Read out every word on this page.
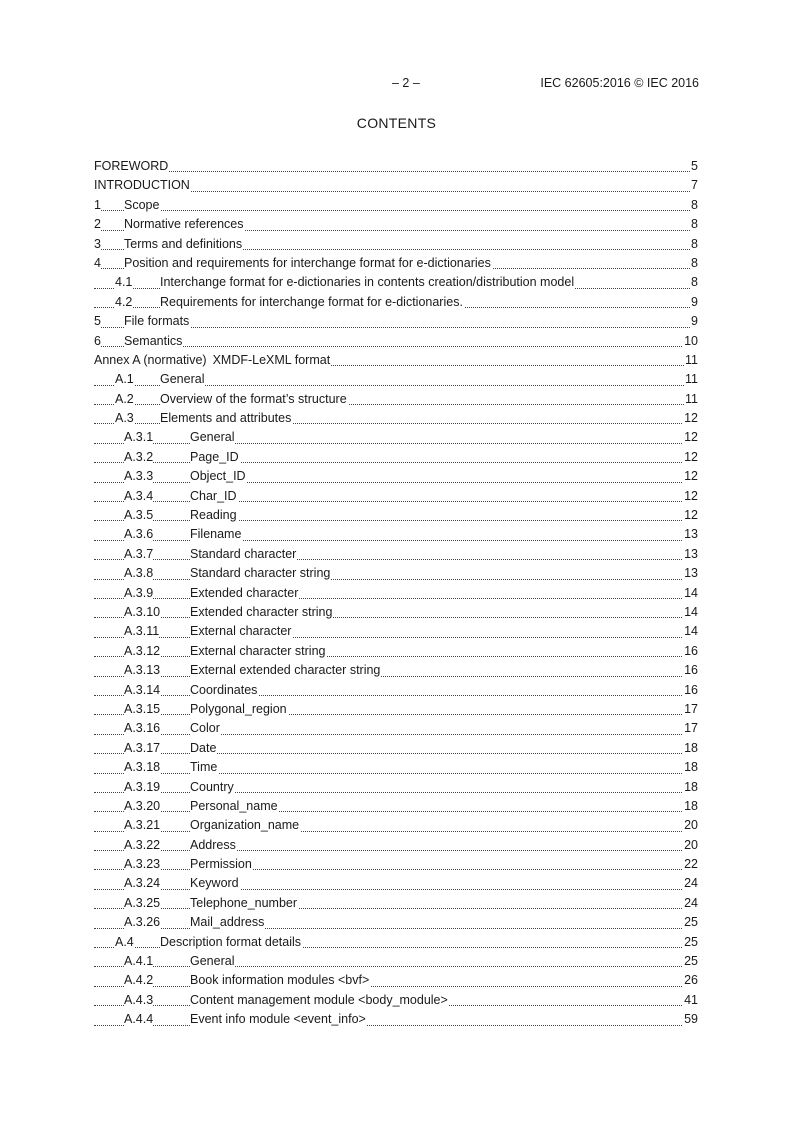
– 2 –	IEC 62605:2016 © IEC 2016
CONTENTS
FOREWORD	5
INTRODUCTION	7
1 Scope	8
2 Normative references	8
3 Terms and definitions	8
4 Position and requirements for interchange format for e-dictionaries	8
4.1 Interchange format for e-dictionaries in contents creation/distribution model	8
4.2 Requirements for interchange format for e-dictionaries.	9
5 File formats	9
6 Semantics	10
Annex A (normative) XMDF-LeXML format	11
A.1 General	11
A.2 Overview of the format’s structure	11
A.3 Elements and attributes	12
A.3.1	General	12
A.3.2	Page_ID	12
A.3.3	Object_ID	12
A.3.4	Char_ID	12
A.3.5	Reading	12
A.3.6	Filename	13
A.3.7	Standard character	13
A.3.8	Standard character string	13
A.3.9	Extended character	14
A.3.10 Extended character string	14
A.3.11 External character	14
A.3.12 External character string	16
A.3.13 External extended character string	16
A.3.14 Coordinates	16
A.3.15 Polygonal_region	17
A.3.16 Color	17
A.3.17 Date	18
A.3.18 Time	18
A.3.19 Country	18
A.3.20 Personal_name	18
A.3.21 Organization_name	20
A.3.22 Address	20
A.3.23 Permission	22
A.3.24 Keyword	24
A.3.25 Telephone_number	24
A.3.26 Mail_address	25
A.4 Description format details	25
A.4.1	General	25
A.4.2	Book information modules <bvf>	26
A.4.3	Content management module <body_module>	41
A.4.4	Event info module <event_info>	59
